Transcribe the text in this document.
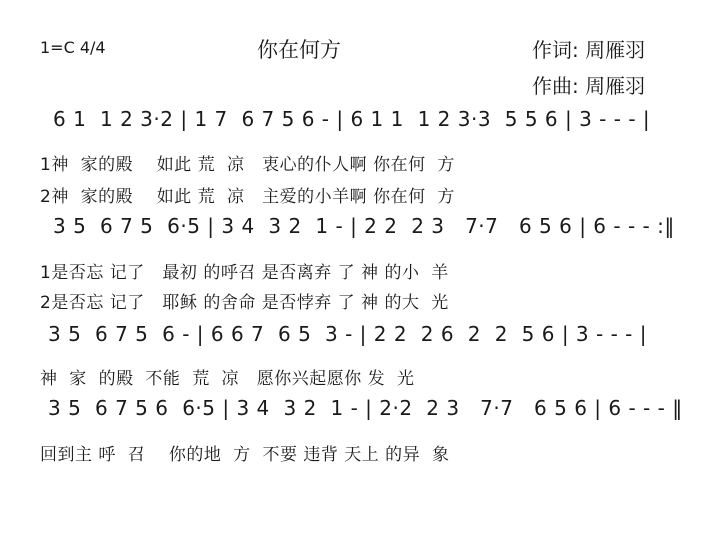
1=C 4/4	你在何方	作词: 周雁羽
作曲: 周雁羽
6 1  1 2 3·2 | 1 7  6 7 5 6 - | 6 1 1  1 2 3·3  5 5 6 | 3 - - - |
1神  家的殿    如此 荒  凉   衷心的仆人啊 你在何  方
2神  家的殿    如此 荒  凉   主爱的小羊啊 你在何  方
3 5  6 7 5  6·5 | 3 4  3 2  1 - | 2 2  2 3   7·7   6 5 6 | 6 - - - :‖
1是否忘 记了   最初 的呼召 是否离弃 了 神 的小  羊
2是否忘 记了   耶稣 的舍命 是否悖弃 了 神 的大  光
3 5  6 7 5  6 - | 6 6 7  6 5  3 - | 2 2  2 6  2  2  5 6 | 3 - - - |
神  家  的殿  不能  荒  凉   愿你兴起愿你 发  光
3 5  6 7 5 6  6·5 | 3 4  3 2  1 - | 2·2  2 3   7·7   6 5 6 | 6 - - - ‖
回到主 呼  召    你的地  方  不要 违背 天上 的异  象
